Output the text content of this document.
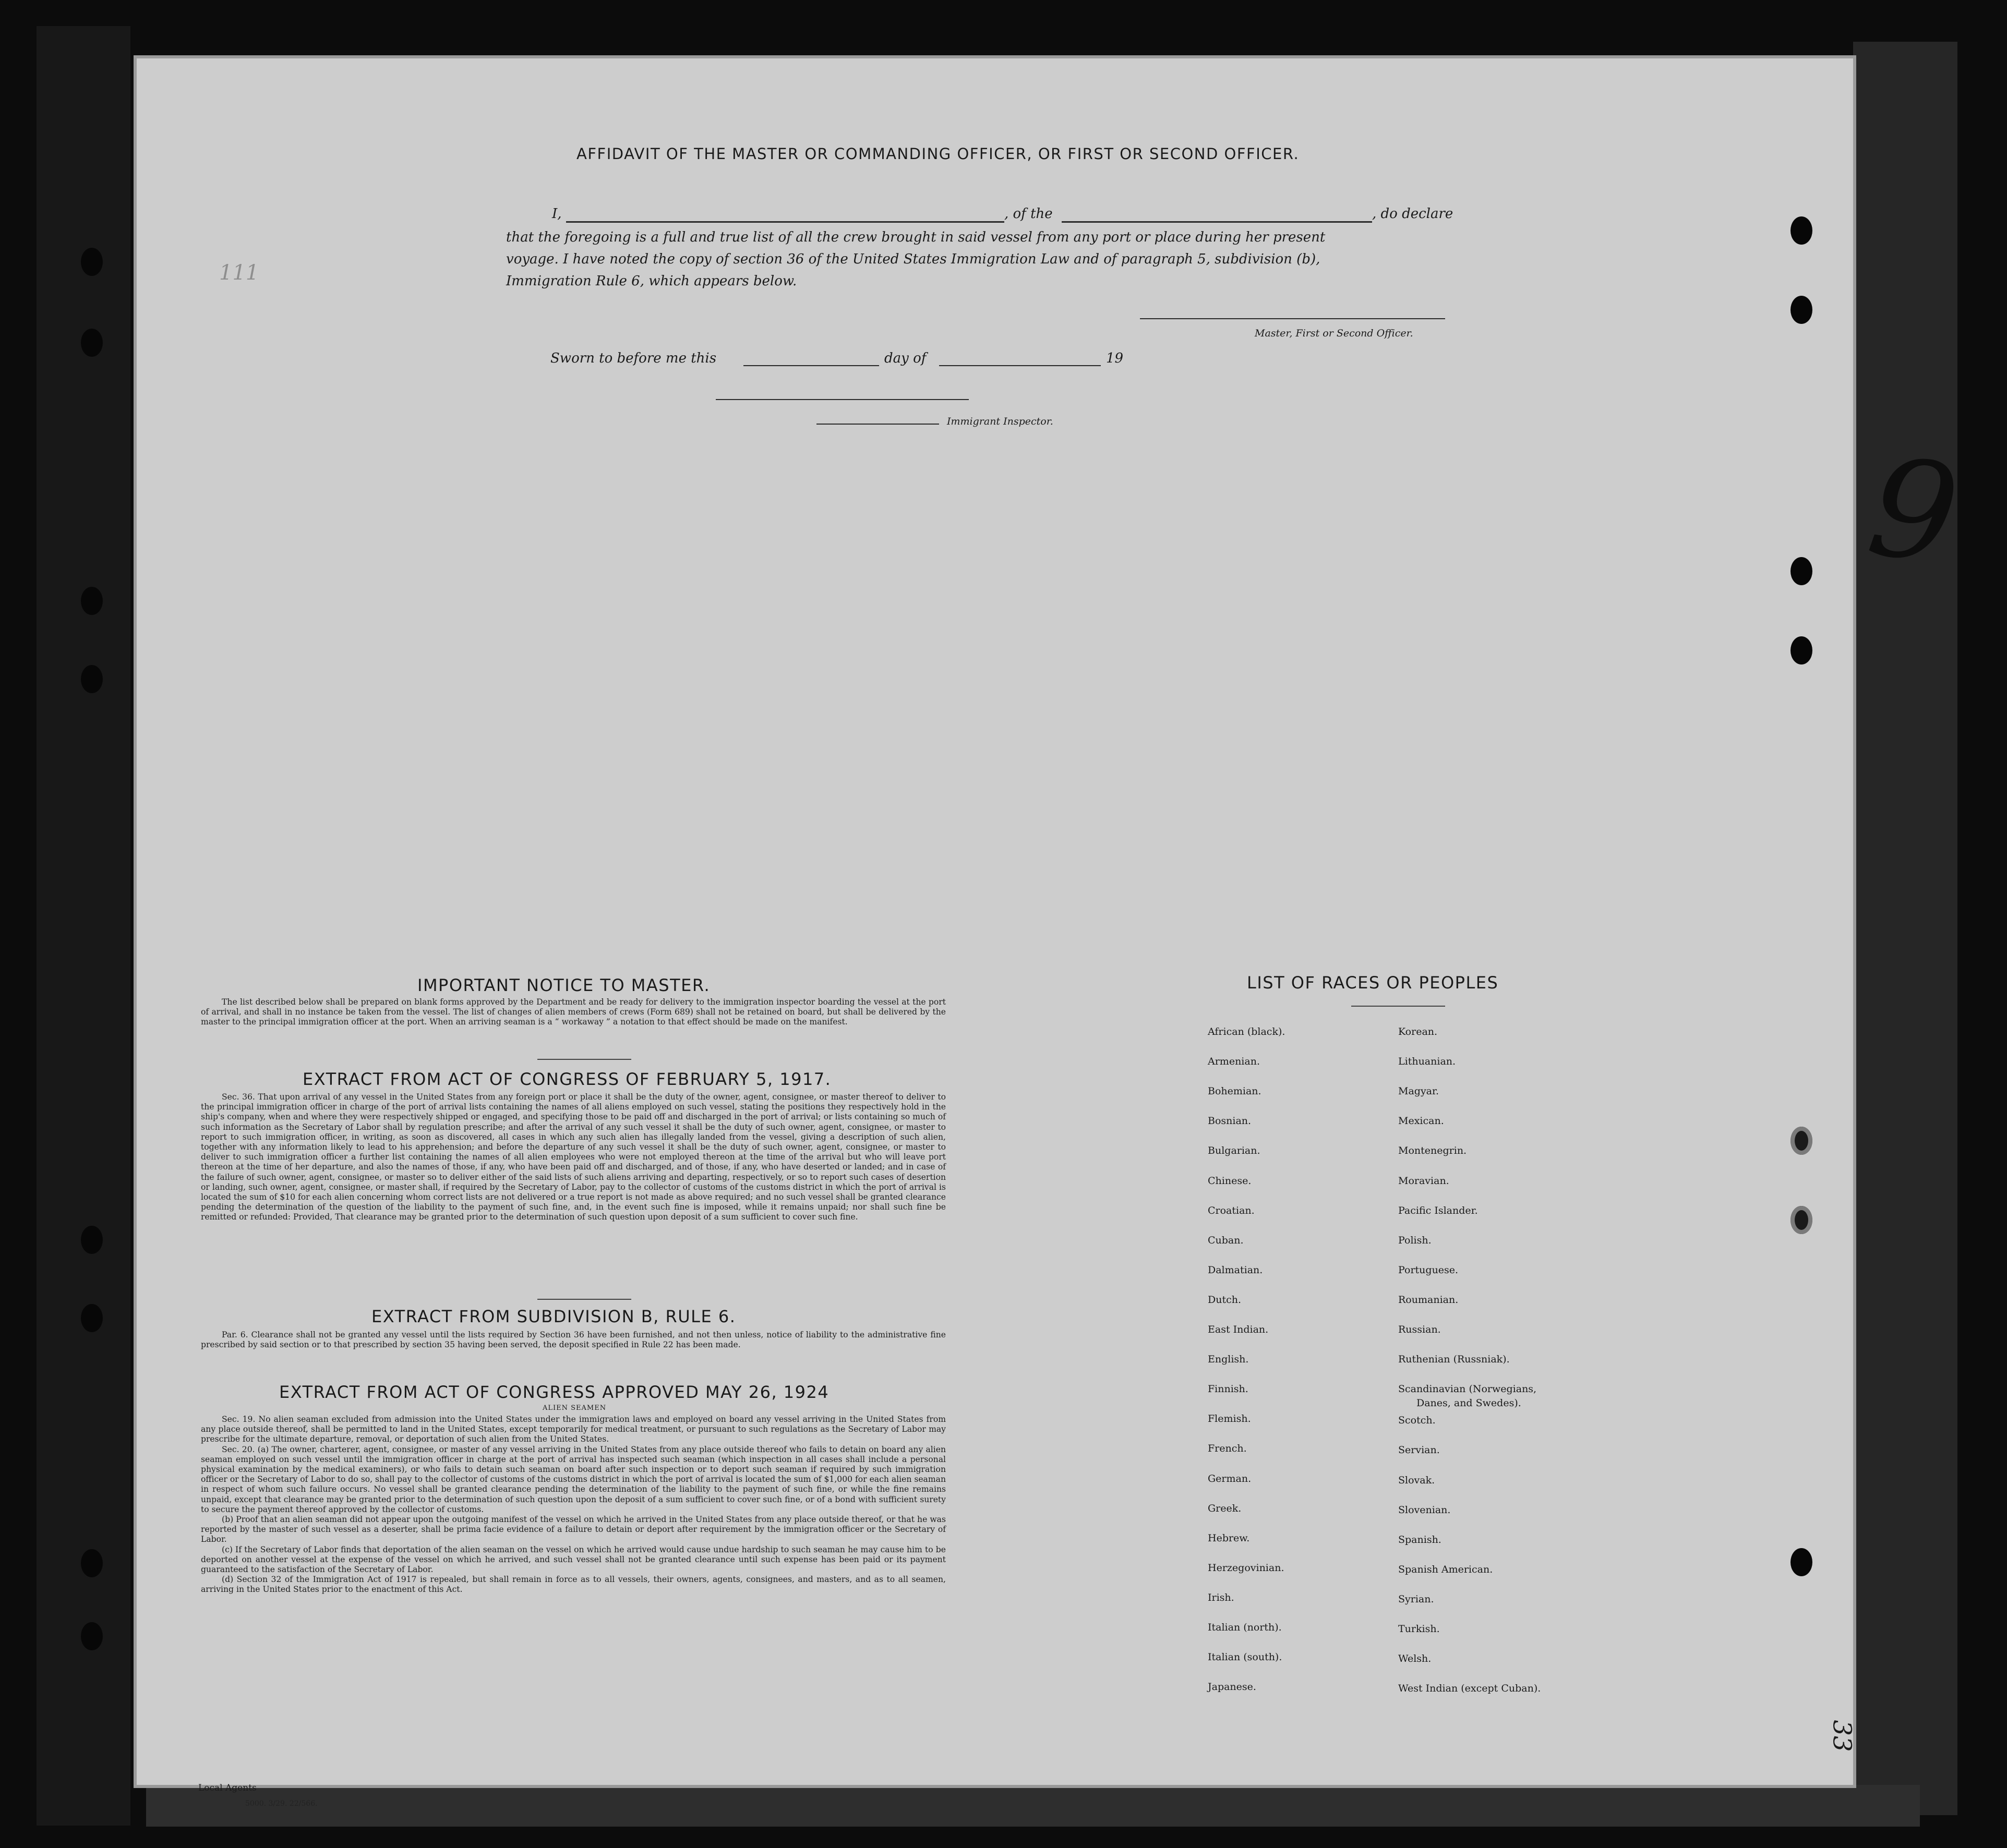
111
9
33
AFFIDAVIT OF THE MASTER OR COMMANDING OFFICER, OR FIRST OR SECOND OFFICER.
I,	, of the	, do declare
that the foregoing is a full and true list of all the crew brought in said vessel from any port or place during her present
voyage. I have noted the copy of section 36 of the United States Immigration Law and of paragraph 5, subdivision (b),
Immigration Rule 6, which appears below.
Master, First or Second Officer.
Sworn to before me this	day of	19
Immigrant Inspector.
IMPORTANT NOTICE TO MASTER.

The list described below shall be prepared on blank forms approved by the Department and be ready for delivery to the immigration inspector boarding the vessel at the port of arrival, and shall in no instance be taken from the vessel. The list of changes of alien members of crews (Form 689) shall not be retained on board, but shall be delivered by the master to the principal immigration officer at the port. When an arriving seaman is a “ workaway ” a notation to that effect should be made on the manifest.

EXTRACT FROM ACT OF CONGRESS OF FEBRUARY 5, 1917.

Sec. 36. That upon arrival of any vessel in the United States from any foreign port or place it shall be the duty of the owner, agent, consignee, or master thereof to deliver to the principal immigration officer in charge of the port of arrival lists containing the names of all aliens employed on such vessel, stating the positions they respectively hold in the ship's company, when and where they were respectively shipped or engaged, and specifying those to be paid off and discharged in the port of arrival; or lists containing so much of such information as the Secretary of Labor shall by regulation prescribe; and after the arrival of any such vessel it shall be the duty of such owner, agent, consignee, or master to report to such immigration officer, in writing, as soon as discovered, all cases in which any such alien has illegally landed from the vessel, giving a description of such alien, together with any information likely to lead to his apprehension; and before the departure of any such vessel it shall be the duty of such owner, agent, consignee, or master to deliver to such immigration officer a further list containing the names of all alien employees who were not employed thereon at the time of the arrival but who will leave port thereon at the time of her departure, and also the names of those, if any, who have been paid off and discharged, and of those, if any, who have deserted or landed; and in case of the failure of such owner, agent, consignee, or master so to deliver either of the said lists of such aliens arriving and departing, respectively, or so to report such cases of desertion or landing, such owner, agent, consignee, or master shall, if required by the Secretary of Labor, pay to the collector of customs of the customs district in which the port of arrival is located the sum of $10 for each alien concerning whom correct lists are not delivered or a true report is not made as above required; and no such vessel shall be granted clearance pending the determination of the question of the liability to the payment of such fine, and, in the event such fine is imposed, while it remains unpaid; nor shall such fine be remitted or refunded: Provided, That clearance may be granted prior to the determination of such question upon deposit of a sum sufficient to cover such fine.

EXTRACT FROM SUBDIVISION B, RULE 6.

Par. 6. Clearance shall not be granted any vessel until the lists required by Section 36 have been furnished, and not then unless, notice of liability to the administrative fine prescribed by said section or to that prescribed by section 35 having been served, the deposit specified in Rule 22 has been made.

EXTRACT FROM ACT OF CONGRESS APPROVED MAY 26, 1924
ALIEN SEAMEN

Sec. 19. No alien seaman excluded from admission into the United States under the immigration laws and employed on board any vessel arriving in the United States from any place outside thereof, shall be permitted to land in the United States, except temporarily for medical treatment, or pursuant to such regulations as the Secretary of Labor may prescribe for the ultimate departure, removal, or deportation of such alien from the United States.

Sec. 20. (a) The owner, charterer, agent, consignee, or master of any vessel arriving in the United States from any place outside thereof who fails to detain on board any alien seaman employed on such vessel until the immigration officer in charge at the port of arrival has inspected such seaman (which inspection in all cases shall include a personal physical examination by the medical examiners), or who fails to detain such seaman on board after such inspection or to deport such seaman if required by such immigration officer or the Secretary of Labor to do so, shall pay to the collector of customs of the customs district in which the port of arrival is located the sum of $1,000 for each alien seaman in respect of whom such failure occurs. No vessel shall be granted clearance pending the determination of the liability to the payment of such fine, or while the fine remains unpaid, except that clearance may be granted prior to the determination of such question upon the deposit of a sum sufficient to cover such fine, or of a bond with sufficient surety to secure the payment thereof approved by the collector of customs.

(b) Proof that an alien seaman did not appear upon the outgoing manifest of the vessel on which he arrived in the United States from any place outside thereof, or that he was reported by the master of such vessel as a deserter, shall be prima facie evidence of a failure to detain or deport after requirement by the immigration officer or the Secretary of Labor.

(c) If the Secretary of Labor finds that deportation of the alien seaman on the vessel on which he arrived would cause undue hardship to such seaman he may cause him to be deported on another vessel at the expense of the vessel on which he arrived, and such vessel shall not be granted clearance until such expense has been paid or its payment guaranteed to the satisfaction of the Secretary of Labor.

(d) Section 32 of the Immigration Act of 1917 is repealed, but shall remain in force as to all vessels, their owners, agents, consignees, and masters, and as to all seamen, arriving in the United States prior to the enactment of this Act.

LIST OF RACES OR PEOPLES
African (black).
Armenian.
Bohemian.
Bosnian.
Bulgarian.
Chinese.
Croatian.
Cuban.
Dalmatian.
Dutch.
East Indian.
English.
Finnish.
Flemish.
French.
German.
Greek.
Hebrew.
Herzegovinian.
Irish.
Italian (north).
Italian (south).
Japanese.
Korean.
Lithuanian.
Magyar.
Mexican.
Montenegrin.
Moravian.
Pacific Islander.
Polish.
Portuguese.
Roumanian.
Russian.
Ruthenian (Russniak).
Scandinavian (Norwegians,
Danes, and Swedes).
Scotch.
Servian.
Slovak.
Slovenian.
Spanish.
Spanish American.
Syrian.
Turkish.
Welsh.
West Indian (except Cuban).
Local Agents
5000. 3/29. 22/566.
